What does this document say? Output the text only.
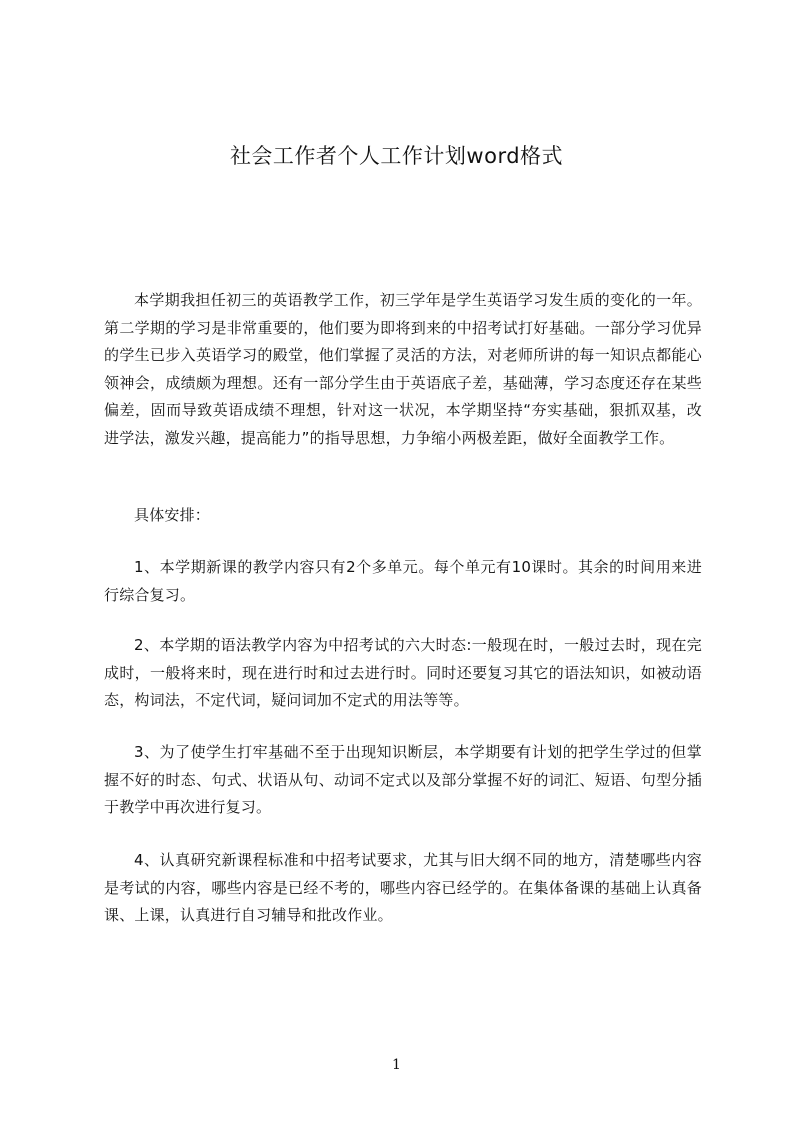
社会工作者个人工作计划word格式

本学期我担任初三的英语教学工作，初三学年是学生英语学习发生质的变化的一年。第二学期的学习是非常重要的，他们要为即将到来的中招考试打好基础。一部分学习优异的学生已步入英语学习的殿堂，他们掌握了灵活的方法，对老师所讲的每一知识点都能心领神会，成绩颇为理想。还有一部分学生由于英语底子差，基础薄，学习态度还存在某些偏差，固而导致英语成绩不理想，针对这一状况，本学期坚持“夯实基础，狠抓双基，改进学法，激发兴趣，提高能力”的指导思想，力争缩小两极差距，做好全面教学工作。

具体安排：

1、本学期新课的教学内容只有2个多单元。每个单元有10课时。其余的时间用来进行综合复习。

2、本学期的语法教学内容为中招考试的六大时态:一般现在时，一般过去时，现在完成时，一般将来时，现在进行时和过去进行时。同时还要复习其它的语法知识，如被动语态，构词法，不定代词，疑问词加不定式的用法等等。

3、为了使学生打牢基础不至于出现知识断层，本学期要有计划的把学生学过的但掌握不好的时态、句式、状语从句、动词不定式以及部分掌握不好的词汇、短语、句型分插于教学中再次进行复习。

4、认真研究新课程标准和中招考试要求，尤其与旧大纲不同的地方，清楚哪些内容是考试的内容，哪些内容是已经不考的，哪些内容已经学的。在集体备课的基础上认真备课、上课，认真进行自习辅导和批改作业。

1
